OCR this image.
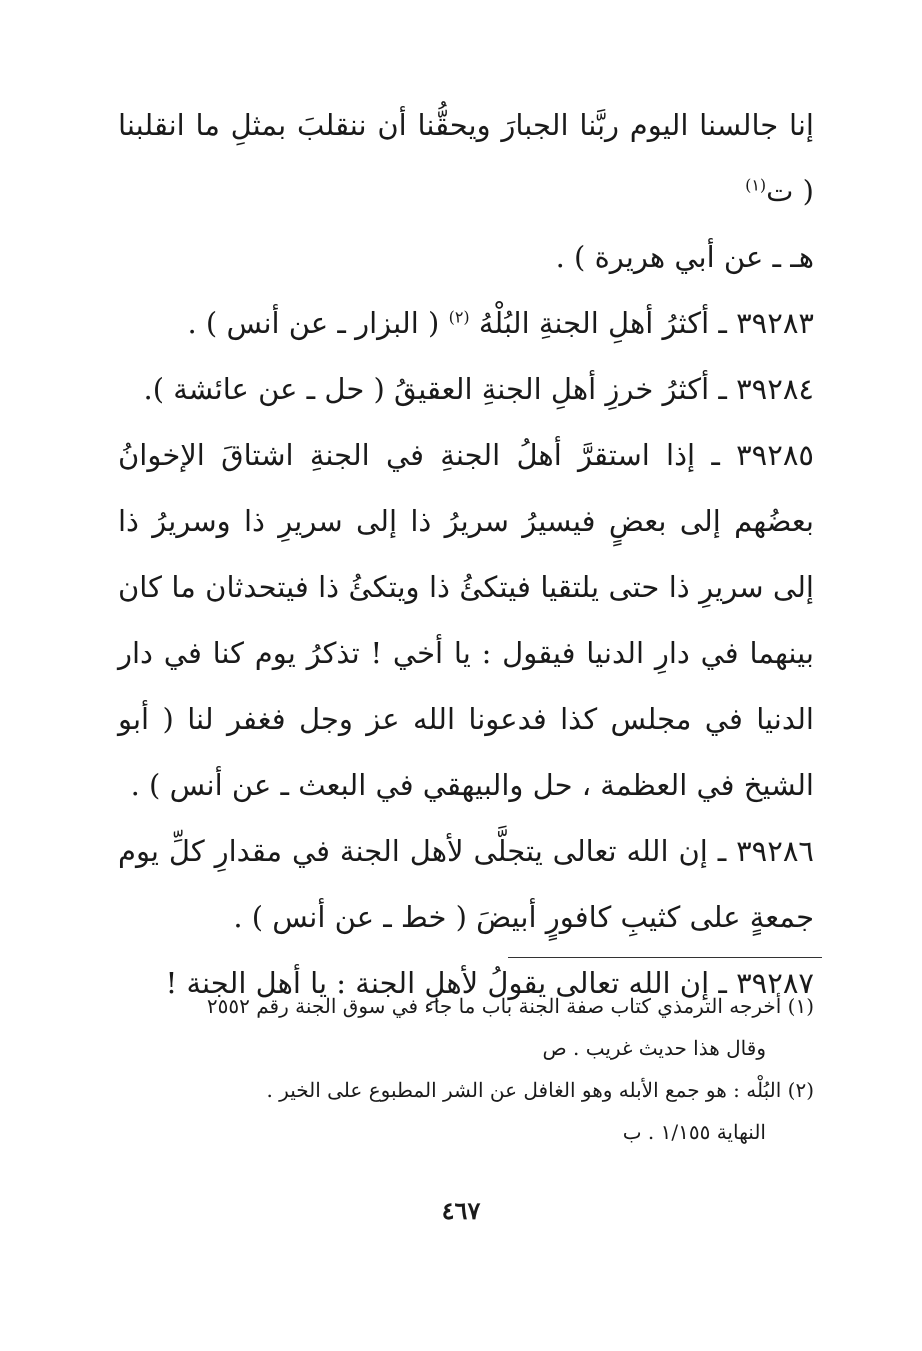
إنا جالسنا اليوم ربَّنا الجبارَ ويحقُّنا أن ننقلبَ بمثلِ ما انقلبنا ( ت$^{(١)}$
هـ ـ عن أبي هريرة ) .

٣٩٢٨٣ ـ أكثرُ أهلِ الجنةِ البُلْهُ $^{(٢)}$ ( البزار ـ عن أنس ) .

٣٩٢٨٤ ـ أكثرُ خرزِ أهلِ الجنةِ العقيقُ ( حل ـ عن عائشة ).

٣٩٢٨٥ ـ إذا استقرَّ أهلُ الجنةِ في الجنةِ اشتاقَ الإخوانُ بعضُهم إلى بعضٍ فيسيرُ سريرُ ذا إلى سريرِ ذا وسريرُ ذا إلى سريرِ ذا حتى يلتقيا فيتكئُ ذا ويتكئُ ذا فيتحدثان ما كان بينهما في دارِ الدنيا فيقول : يا أخي ! تذكرُ يوم كنا في دار الدنيا في مجلس كذا فدعونا الله عز وجل فغفر لنا ( أبو الشيخ في العظمة ، حل والبيهقي في البعث ـ عن أنس ) .

٣٩٢٨٦ ـ إن الله تعالى يتجلَّى لأهل الجنة في مقدارِ كلِّ يوم جمعةٍ على كثيبِ كافورٍ أبيضَ ( خط ـ عن أنس ) .

٣٩٢٨٧ ـ إن الله تعالى يقولُ لأهلِ الجنة : يا أهل الجنة !

(١) أخرجه الترمذي كتاب صفة الجنة باب ما جاء في سوق الجنة رقم ٢٥٥٢

وقال هذا حديث غريب . ص

(٢) البُلْه : هو جمع الأبله وهو الغافل عن الشر المطبوع على الخير .

النهاية ١/١٥٥ . ب

٤٦٧
